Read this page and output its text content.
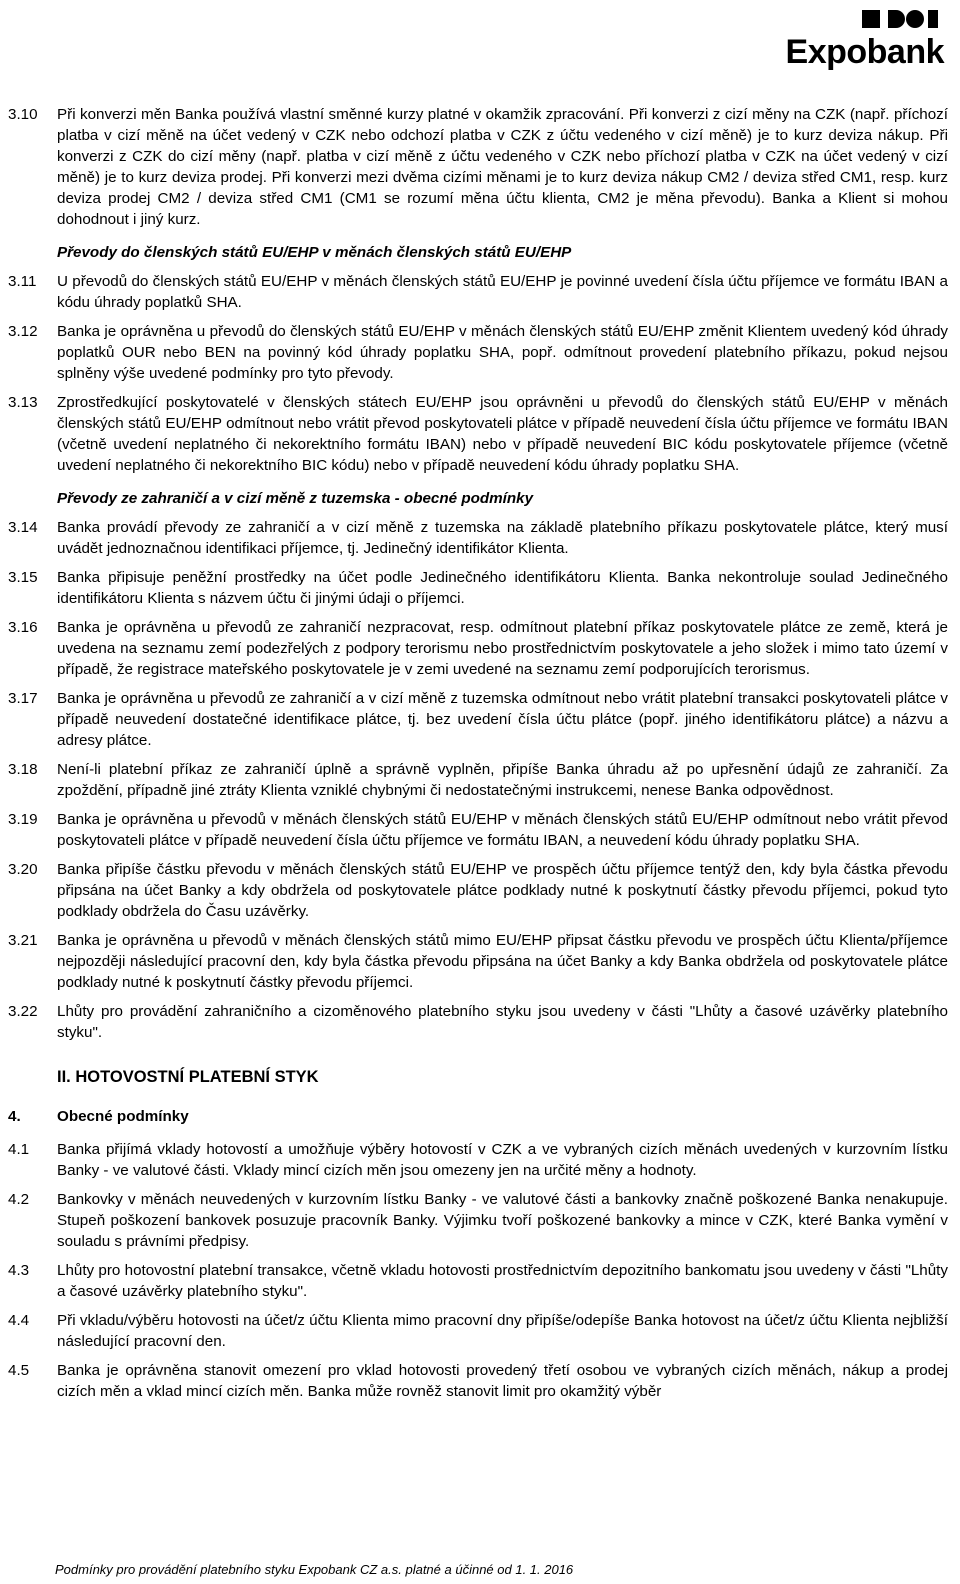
Expobank
3.10 Při konverzi měn Banka používá vlastní směnné kurzy platné v okamžik zpracování. Při konverzi z cizí měny na CZK (např. příchozí platba v cizí měně na účet vedený v CZK nebo odchozí platba v CZK z účtu vedeného v cizí měně) je to kurz deviza nákup. Při konverzi z CZK do cizí měny (např. platba v cizí měně z účtu vedeného v CZK nebo příchozí platba v CZK na účet vedený v cizí měně) je to kurz deviza prodej. Při konverzi mezi dvěma cizími měnami je to kurz deviza nákup CM2 / deviza střed CM1, resp. kurz deviza prodej CM2 / deviza střed CM1 (CM1 se rozumí měna účtu klienta, CM2 je měna převodu). Banka a Klient si mohou dohodnout i jiný kurz.
Převody do členských států EU/EHP v měnách členských států EU/EHP
3.11 U převodů do členských států EU/EHP v měnách členských států EU/EHP je povinné uvedení čísla účtu příjemce ve formátu IBAN a kódu úhrady poplatků SHA.
3.12 Banka je oprávněna u převodů do členských států EU/EHP v měnách členských států EU/EHP změnit Klientem uvedený kód úhrady poplatků OUR nebo BEN na povinný kód úhrady poplatku SHA, popř. odmítnout provedení platebního příkazu, pokud nejsou splněny výše uvedené podmínky pro tyto převody.
3.13 Zprostředkující poskytovatelé v členských státech EU/EHP jsou oprávněni u převodů do členských států EU/EHP v měnách členských států EU/EHP odmítnout nebo vrátit převod poskytovateli plátce v případě neuvedení čísla účtu příjemce ve formátu IBAN (včetně uvedení neplatného či nekorektního formátu IBAN) nebo v případě neuvedení BIC kódu poskytovatele příjemce (včetně uvedení neplatného či nekorektního BIC kódu) nebo v případě neuvedení kódu úhrady poplatku SHA.
Převody ze zahraničí a v cizí měně z tuzemska - obecné podmínky
3.14 Banka provádí převody ze zahraničí a v cizí měně z tuzemska na základě platebního příkazu poskytovatele plátce, který musí uvádět jednoznačnou identifikaci příjemce, tj. Jedinečný identifikátor Klienta.
3.15 Banka připisuje peněžní prostředky na účet podle Jedinečného identifikátoru Klienta. Banka nekontroluje soulad Jedinečného identifikátoru Klienta s názvem účtu či jinými údaji o příjemci.
3.16 Banka je oprávněna u převodů ze zahraničí nezpracovat, resp. odmítnout platební příkaz poskytovatele plátce ze země, která je uvedena na seznamu zemí podezřelých z podpory terorismu nebo prostřednictvím poskytovatele a jeho složek i mimo tato území v případě, že registrace mateřského poskytovatele je v zemi uvedené na seznamu zemí podporujících terorismus.
3.17 Banka je oprávněna u převodů ze zahraničí a v cizí měně z tuzemska odmítnout nebo vrátit platební transakci poskytovateli plátce v případě neuvedení dostatečné identifikace plátce, tj. bez uvedení čísla účtu plátce (popř. jiného identifikátoru plátce) a názvu a adresy plátce.
3.18 Není-li platební příkaz ze zahraničí úplně a správně vyplněn, připíše Banka úhradu až po upřesnění údajů ze zahraničí. Za zpoždění, případně jiné ztráty Klienta vzniklé chybnými či nedostatečnými instrukcemi, nenese Banka odpovědnost.
3.19 Banka je oprávněna u převodů v měnách členských států EU/EHP v měnách členských států EU/EHP odmítnout nebo vrátit převod poskytovateli plátce v případě neuvedení čísla účtu příjemce ve formátu IBAN, a neuvedení kódu úhrady poplatku SHA.
3.20 Banka připíše částku převodu v měnách členských států EU/EHP ve prospěch účtu příjemce tentýž den, kdy byla částka převodu připsána na účet Banky a kdy obdržela od poskytovatele plátce podklady nutné k poskytnutí částky převodu příjemci, pokud tyto podklady obdržela do Času uzávěrky.
3.21 Banka je oprávněna u převodů v měnách členských států mimo EU/EHP připsat částku převodu ve prospěch účtu Klienta/příjemce nejpozději následující pracovní den, kdy byla částka převodu připsána na účet Banky a kdy Banka obdržela od poskytovatele plátce podklady nutné k poskytnutí částky převodu příjemci.
3.22 Lhůty pro provádění zahraničního a cizoměnového platebního styku jsou uvedeny v části "Lhůty a časové uzávěrky platebního styku".
II. HOTOVOSTNÍ PLATEBNÍ STYK
4. Obecné podmínky
4.1 Banka přijímá vklady hotovostí a umožňuje výběry hotovostí v CZK a ve vybraných cizích měnách uvedených v kurzovním lístku Banky - ve valutové části. Vklady mincí cizích měn jsou omezeny jen na určité měny a hodnoty.
4.2 Bankovky v měnách neuvedených v kurzovním lístku Banky - ve valutové části a bankovky značně poškozené Banka nenakupuje. Stupeň poškození bankovek posuzuje pracovník Banky. Výjimku tvoří poškozené bankovky a mince v CZK, které Banka vymění v souladu s právními předpisy.
4.3 Lhůty pro hotovostní platební transakce, včetně vkladu hotovosti prostřednictvím depozitního bankomatu jsou uvedeny v části "Lhůty a časové uzávěrky platebního styku".
4.4 Při vkladu/výběru hotovosti na účet/z účtu Klienta mimo pracovní dny připíše/odepíše Banka hotovost na účet/z účtu Klienta nejbližší následující pracovní den.
4.5 Banka je oprávněna stanovit omezení pro vklad hotovosti provedený třetí osobou ve vybraných cizích měnách, nákup a prodej cizích měn a vklad mincí cizích měn. Banka může rovněž stanovit limit pro okamžitý výběr
Podmínky pro provádění platebního styku Expobank CZ a.s. platné a účinné od 1. 1. 2016
